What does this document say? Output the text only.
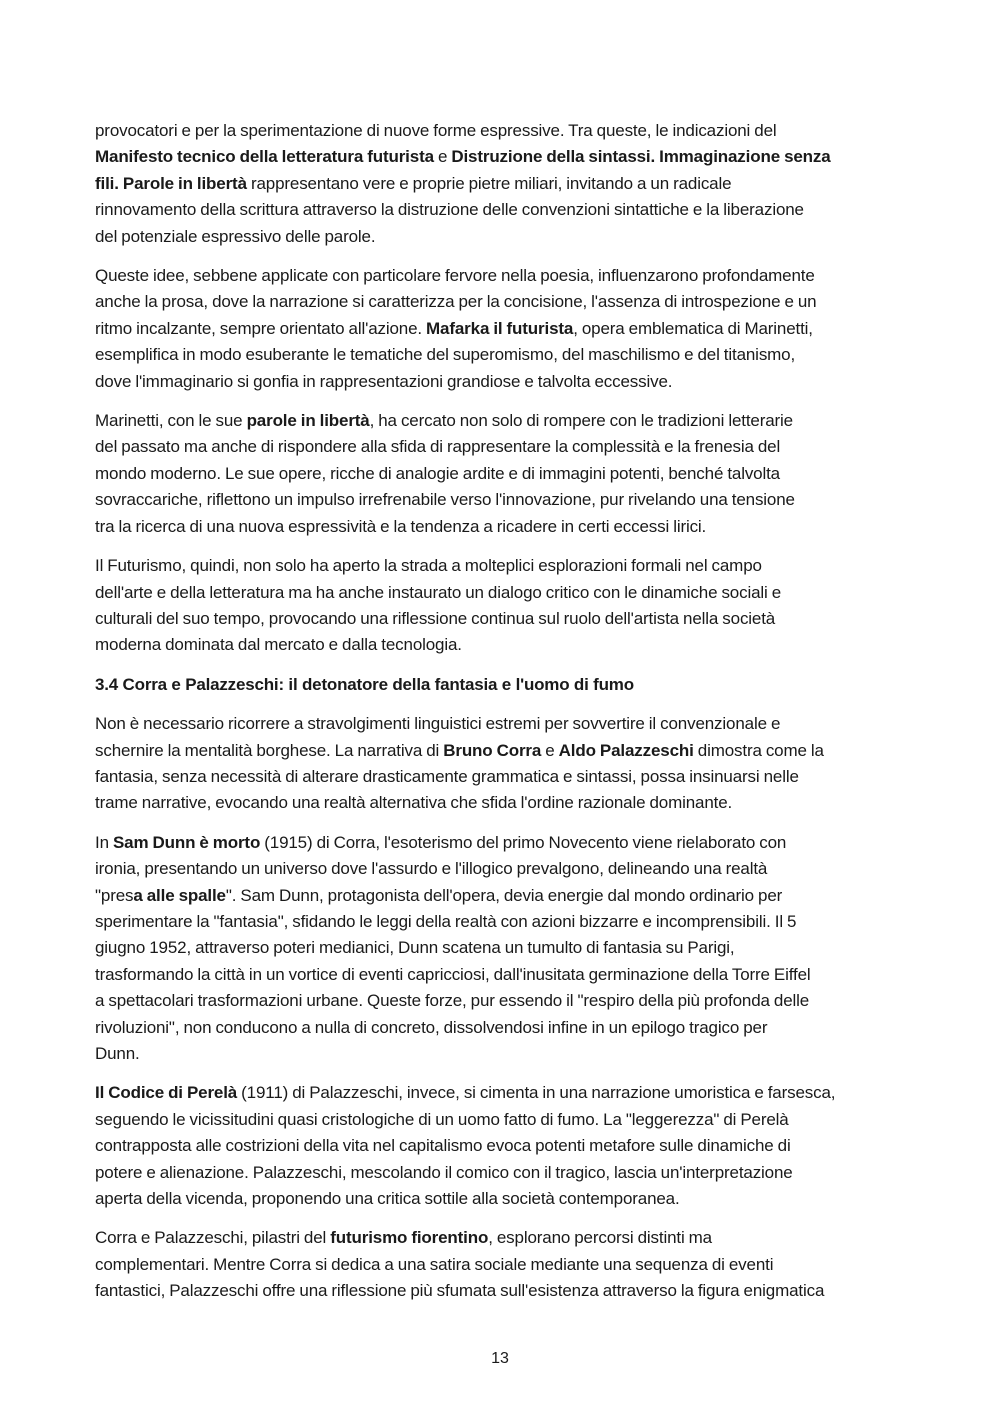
provocatori e per la sperimentazione di nuove forme espressive. Tra queste, le indicazioni del
Manifesto tecnico della letteratura futurista e Distruzione della sintassi. Immaginazione senza
fili. Parole in libertà rappresentano vere e proprie pietre miliari, invitando a un radicale
rinnovamento della scrittura attraverso la distruzione delle convenzioni sintattiche e la liberazione
del potenziale espressivo delle parole.

Queste idee, sebbene applicate con particolare fervore nella poesia, influenzarono profondamente
anche la prosa, dove la narrazione si caratterizza per la concisione, l'assenza di introspezione e un
ritmo incalzante, sempre orientato all'azione. Mafarka il futurista, opera emblematica di Marinetti,
esemplifica in modo esuberante le tematiche del superomismo, del maschilismo e del titanismo,
dove l'immaginario si gonfia in rappresentazioni grandiose e talvolta eccessive.

Marinetti, con le sue parole in libertà, ha cercato non solo di rompere con le tradizioni letterarie
del passato ma anche di rispondere alla sfida di rappresentare la complessità e la frenesia del
mondo moderno. Le sue opere, ricche di analogie ardite e di immagini potenti, benché talvolta
sovraccariche, riflettono un impulso irrefrenabile verso l'innovazione, pur rivelando una tensione
tra la ricerca di una nuova espressività e la tendenza a ricadere in certi eccessi lirici.

Il Futurismo, quindi, non solo ha aperto la strada a molteplici esplorazioni formali nel campo
dell'arte e della letteratura ma ha anche instaurato un dialogo critico con le dinamiche sociali e
culturali del suo tempo, provocando una riflessione continua sul ruolo dell'artista nella società
moderna dominata dal mercato e dalla tecnologia.

3.4 Corra e Palazzeschi: il detonatore della fantasia e l'uomo di fumo

Non è necessario ricorrere a stravolgimenti linguistici estremi per sovvertire il convenzionale e
schernire la mentalità borghese. La narrativa di Bruno Corra e Aldo Palazzeschi dimostra come la
fantasia, senza necessità di alterare drasticamente grammatica e sintassi, possa insinuarsi nelle
trame narrative, evocando una realtà alternativa che sfida l'ordine razionale dominante.

In Sam Dunn è morto (1915) di Corra, l'esoterismo del primo Novecento viene rielaborato con
ironia, presentando un universo dove l'assurdo e l'illogico prevalgono, delineando una realtà
"presa alle spalle". Sam Dunn, protagonista dell'opera, devia energie dal mondo ordinario per
sperimentare la "fantasia", sfidando le leggi della realtà con azioni bizzarre e incomprensibili. Il 5
giugno 1952, attraverso poteri medianici, Dunn scatena un tumulto di fantasia su Parigi,
trasformando la città in un vortice di eventi capricciosi, dall'inusitata germinazione della Torre Eiffel
a spettacolari trasformazioni urbane. Queste forze, pur essendo il "respiro della più profonda delle
rivoluzioni", non conducono a nulla di concreto, dissolvendosi infine in un epilogo tragico per
Dunn.

Il Codice di Perelà (1911) di Palazzeschi, invece, si cimenta in una narrazione umoristica e farsesca,
seguendo le vicissitudini quasi cristologiche di un uomo fatto di fumo. La "leggerezza" di Perelà
contrapposta alle costrizioni della vita nel capitalismo evoca potenti metafore sulle dinamiche di
potere e alienazione. Palazzeschi, mescolando il comico con il tragico, lascia un'interpretazione
aperta della vicenda, proponendo una critica sottile alla società contemporanea.

Corra e Palazzeschi, pilastri del futurismo fiorentino, esplorano percorsi distinti ma
complementari. Mentre Corra si dedica a una satira sociale mediante una sequenza di eventi
fantastici, Palazzeschi offre una riflessione più sfumata sull'esistenza attraverso la figura enigmatica

13
